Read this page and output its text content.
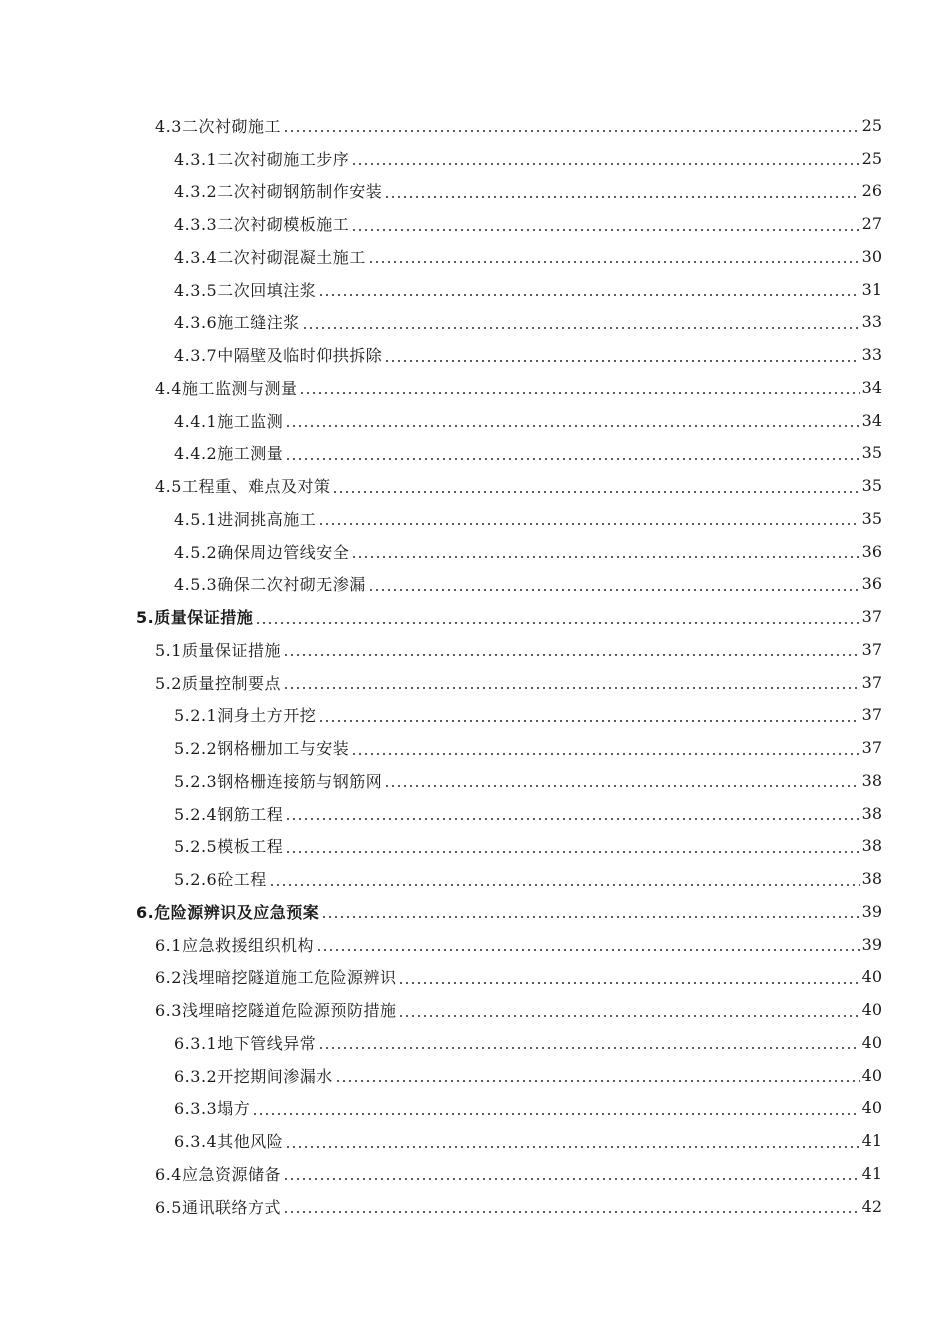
4.3二次衬砌施工	25
4.3.1二次衬砌施工步序	25
4.3.2二次衬砌钢筋制作安装	26
4.3.3二次衬砌模板施工	27
4.3.4二次衬砌混凝土施工	30
4.3.5二次回填注浆	31
4.3.6施工缝注浆	33
4.3.7中隔壁及临时仰拱拆除	33
4.4施工监测与测量	34
4.4.1施工监测	34
4.4.2施工测量	35
4.5工程重、难点及对策	35
4.5.1进洞挑高施工	35
4.5.2确保周边管线安全	36
4.5.3确保二次衬砌无渗漏	36
5.质量保证措施	37
5.1质量保证措施	37
5.2质量控制要点	37
5.2.1洞身土方开挖	37
5.2.2钢格栅加工与安装	37
5.2.3钢格栅连接筋与钢筋网	38
5.2.4钢筋工程	38
5.2.5模板工程	38
5.2.6砼工程	38
6.危险源辨识及应急预案	39
6.1应急救援组织机构	39
6.2浅埋暗挖隧道施工危险源辨识	40
6.3浅埋暗挖隧道危险源预防措施	40
6.3.1地下管线异常	40
6.3.2开挖期间渗漏水	40
6.3.3塌方	40
6.3.4其他风险	41
6.4应急资源储备	41
6.5通讯联络方式	42
